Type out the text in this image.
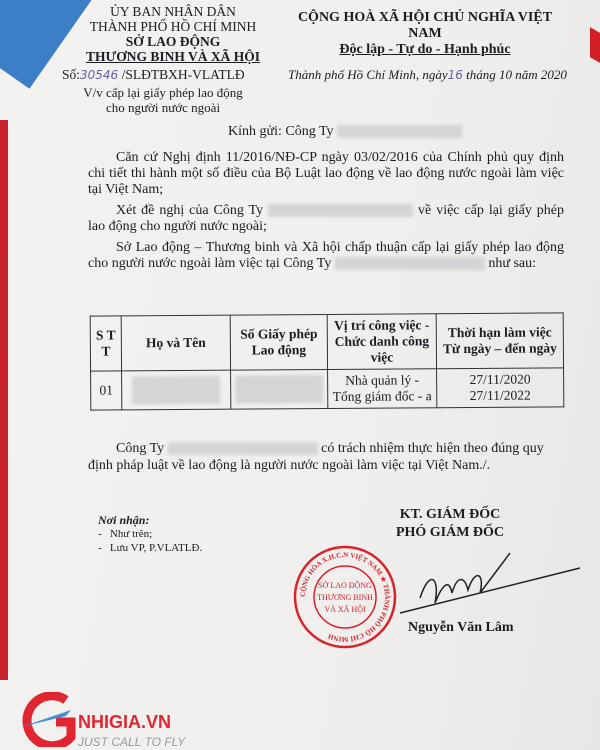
ỦY BAN NHÂN DÂN
THÀNH PHỐ HỒ CHÍ MINH
SỞ LAO ĐỘNG
THƯƠNG BINH VÀ XÃ HỘI
Số:30546 /SLĐTBXH-VLATLĐ
V/v cấp lại giấy phép lao động
cho người nước ngoài
CỘNG HOÀ XÃ HỘI CHỦ NGHĨA VIỆT NAM
Độc lập - Tự do - Hạnh phúc
Thành phố Hồ Chí Minh, ngày16 tháng 10 năm 2020
Kính gửi: Công Ty

Căn cứ Nghị định 11/2016/NĐ-CP ngày 03/02/2016 của Chính phủ quy định chi tiết thi hành một số điều của Bộ Luật lao động về lao động nước ngoài làm việc tại Việt Nam;

Xét đề nghị của Công Ty	về việc cấp lại giấy phép lao động cho người nước ngoài;

Sở Lao động – Thương binh và Xã hội chấp thuận cấp lại giấy phép lao động cho người nước ngoài làm việc tại Công Ty	như sau:

S T T	Họ và Tên	Số Giấy phép Lao động	Vị trí công việc - Chức danh công việc	Thời hạn làm việc Từ ngày – đến ngày
01			Nhà quản lý - Tổng giám đốc - a	27/11/2020
27/11/2022

Công Ty	có trách nhiệm thực hiện theo đúng quy định pháp luật về lao động là người nước ngoài làm việc tại Việt Nam./.

Nơi nhận:
-   Như trên;
-   Lưu VP, P.VLATLĐ.
KT. GIÁM ĐỐC
PHÓ GIÁM ĐỐC
CỘNG HÒA X.H.C.N VIỆT NAM ★ THÀNH PHỐ HỒ CHÍ MINH
SỞ LAO ĐỘNG
THƯƠNG BINH
VÀ XÃ HỘI
Nguyễn Văn Lâm
NHIGIA.VN
JUST CALL TO FLY
